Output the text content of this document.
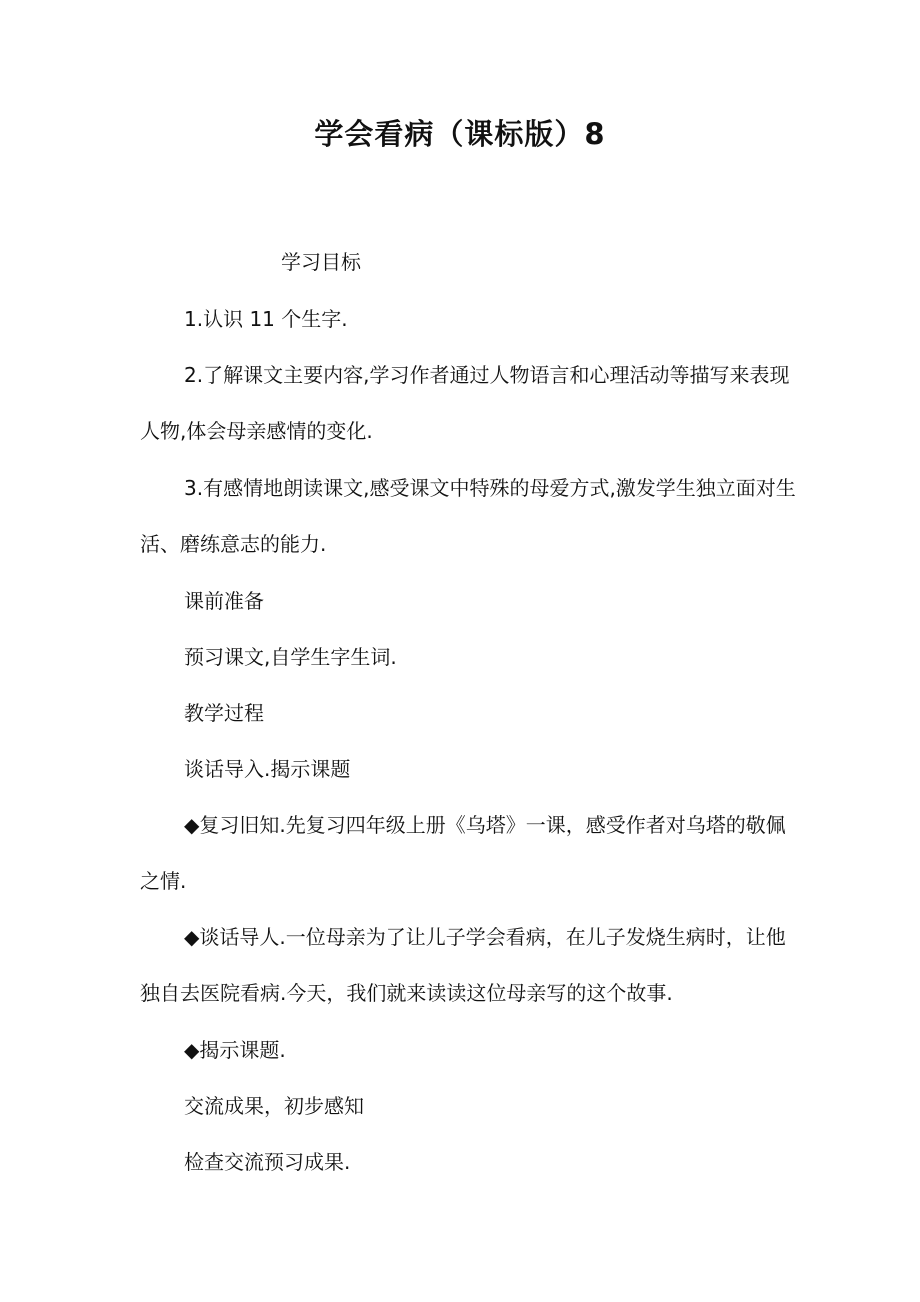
学会看病（课标版）8

学习目标

1.认识 11 个生字.

2.了解课文主要内容,学习作者通过人物语言和心理活动等描写来表现人物,体会母亲感情的变化.

3.有感情地朗读课文,感受课文中特殊的母爱方式,激发学生独立面对生活、磨练意志的能力.

课前准备

预习课文,自学生字生词.

教学过程

谈话导入.揭示课题

◆复习旧知.先复习四年级上册《乌塔》一课，感受作者对乌塔的敬佩之情.

◆谈话导人.一位母亲为了让儿子学会看病，在儿子发烧生病时，让他独自去医院看病.今天，我们就来读读这位母亲写的这个故事.

◆揭示课题.

交流成果，初步感知

检查交流预习成果.
